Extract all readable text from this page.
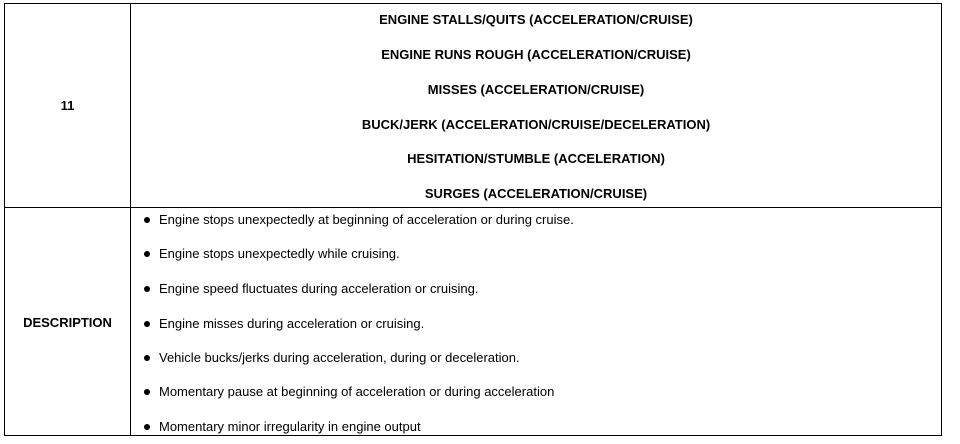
11
ENGINE STALLS/QUITS (ACCELERATION/CRUISE)
ENGINE RUNS ROUGH (ACCELERATION/CRUISE)
MISSES (ACCELERATION/CRUISE)
BUCK/JERK (ACCELERATION/CRUISE/DECELERATION)
HESITATION/STUMBLE (ACCELERATION)
SURGES (ACCELERATION/CRUISE)
DESCRIPTION
Engine stops unexpectedly at beginning of acceleration or during cruise.
Engine stops unexpectedly while cruising.
Engine speed fluctuates during acceleration or cruising.
Engine misses during acceleration or cruising.
Vehicle bucks/jerks during acceleration, during or deceleration.
Momentary pause at beginning of acceleration or during acceleration
Momentary minor irregularity in engine output
